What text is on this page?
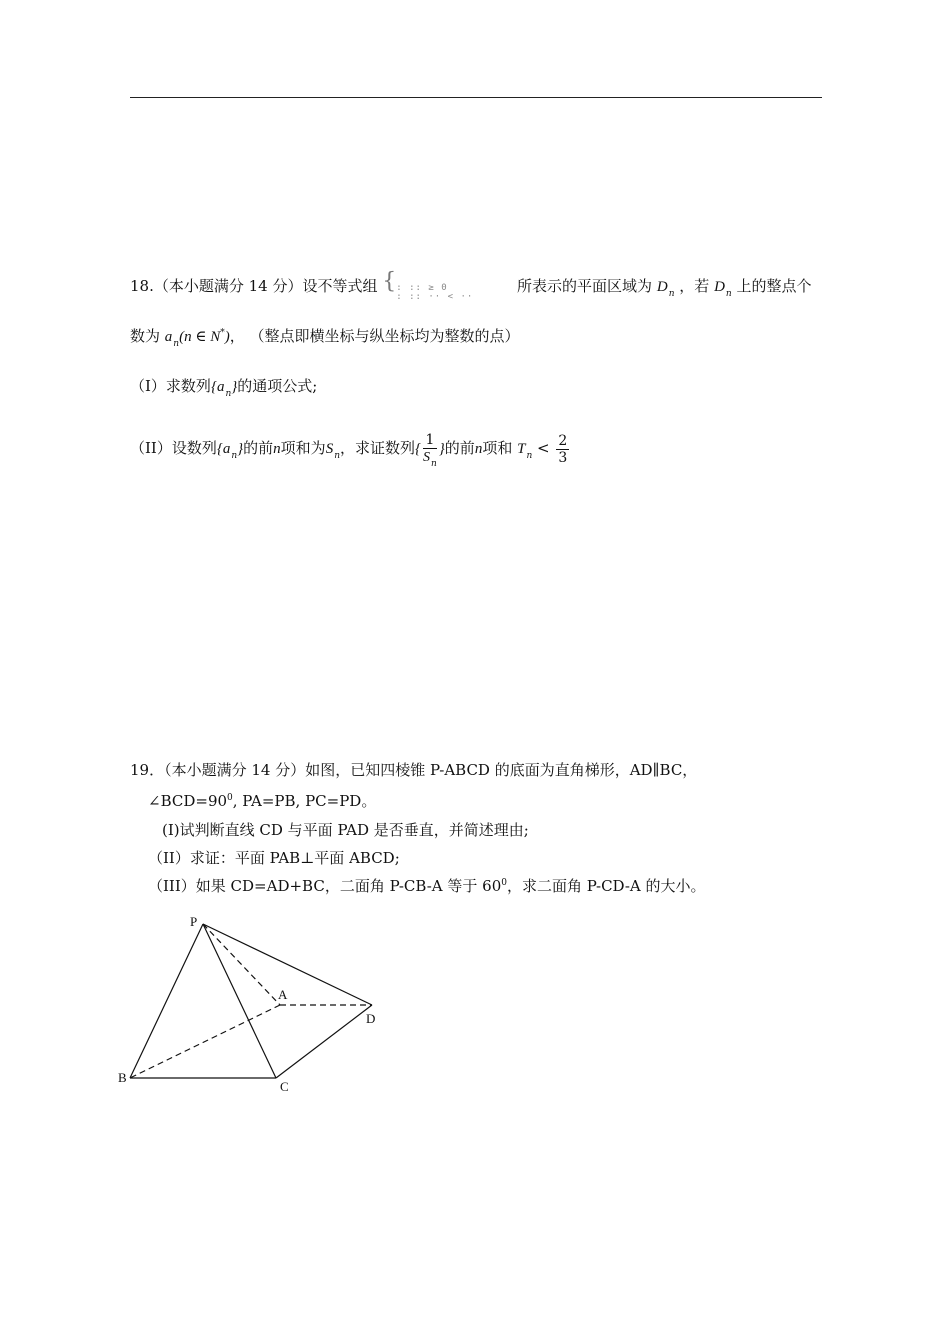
18.（本小题满分 14 分）设不等式组 { : :: ≥ 0
: :: ·· < ··
所表示的平面区域为 $D_n$ ，若 $D_n$ 上的整点个
数为 $a_n(n$ ∈ N*)， （整点即横坐标与纵坐标均为整数的点）
（Ⅰ）求数列$\{a_n\}$的通项公式;
（II）设数列$\{a_n\}$的前n项和为$S_n$，求证数列{ $\frac{1}{S_n}$ }的前n项和 $T_n < \frac{2}{3}$
19．（本小题满分 14 分）如图，已知四棱锥 P-ABCD 的底面为直角梯形，AD∥BC，
$\angle BCD=90^0$, PA=PB, PC=PD。
(I)试判断直线 CD 与平面 PAD 是否垂直，并简述理由;
（II）求证：平面 PAB⊥平面 ABCD;
（III）如果 CD=AD+BC，二面角 P-CB-A 等于 $60^0$，求二面角 P-CD-A 的大小。
P
A
D
B
C
